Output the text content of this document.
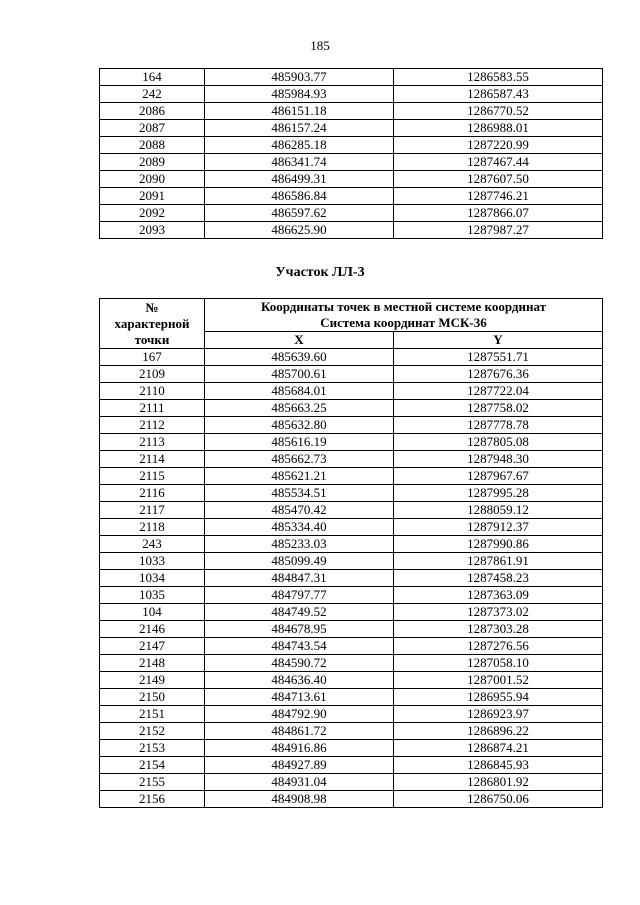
185
164	485903.77	1286583.55
242	485984.93	1286587.43
2086	486151.18	1286770.52
2087	486157.24	1286988.01
2088	486285.18	1287220.99
2089	486341.74	1287467.44
2090	486499.31	1287607.50
2091	486586.84	1287746.21
2092	486597.62	1287866.07
2093	486625.90	1287987.27
Участок ЛЛ-3
№
характерной
точки	Координаты точек в местной системе координат	
	Система координат МСК-36	
	X	Y
167	485639.60	1287551.71
2109	485700.61	1287676.36
2110	485684.01	1287722.04
2111	485663.25	1287758.02
2112	485632.80	1287778.78
2113	485616.19	1287805.08
2114	485662.73	1287948.30
2115	485621.21	1287967.67
2116	485534.51	1287995.28
2117	485470.42	1288059.12
2118	485334.40	1287912.37
243	485233.03	1287990.86
1033	485099.49	1287861.91
1034	484847.31	1287458.23
1035	484797.77	1287363.09
104	484749.52	1287373.02
2146	484678.95	1287303.28
2147	484743.54	1287276.56
2148	484590.72	1287058.10
2149	484636.40	1287001.52
2150	484713.61	1286955.94
2151	484792.90	1286923.97
2152	484861.72	1286896.22
2153	484916.86	1286874.21
2154	484927.89	1286845.93
2155	484931.04	1286801.92
2156	484908.98	1286750.06
